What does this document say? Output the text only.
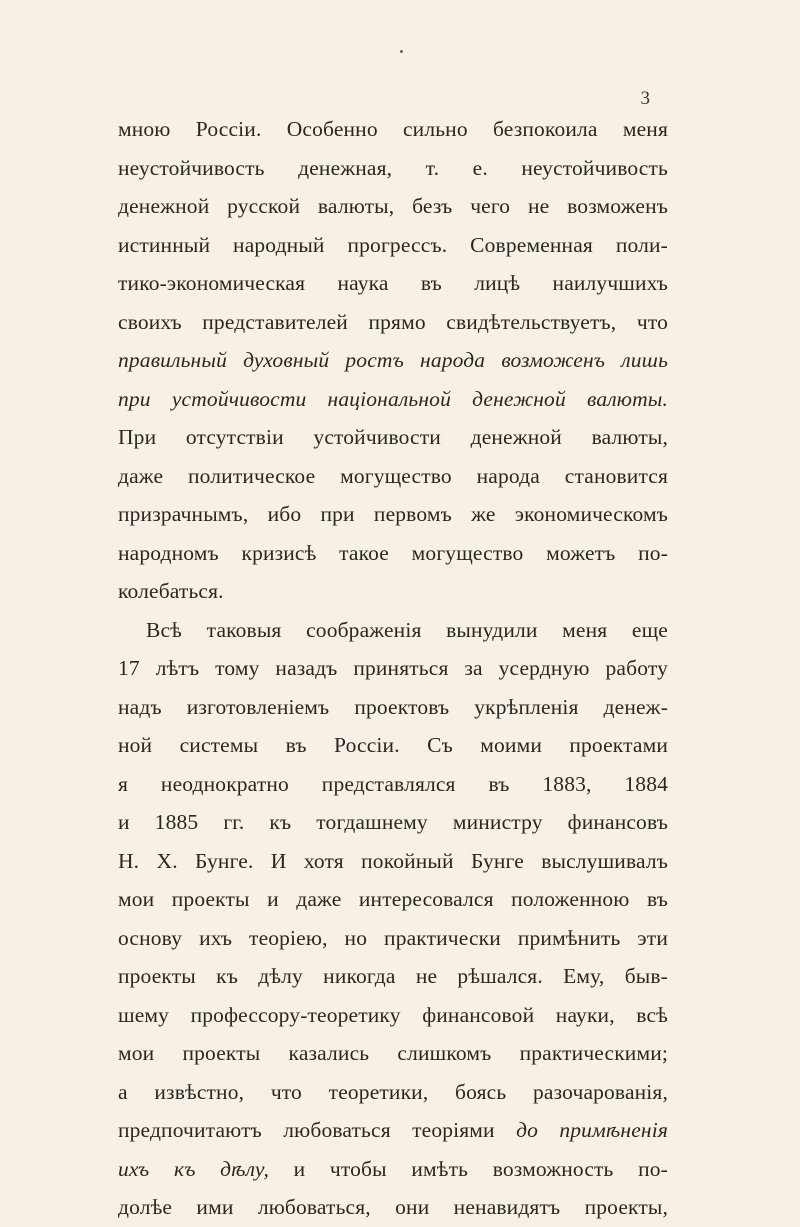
3
мною Россіи. Особенно сильно безпокоила меня
неустойчивость денежная, т. е. неустойчивость
денежной русской валюты, безъ чего не возможенъ
истинный народный прогрессъ. Современная поли-
тико-экономическая наука въ лицѣ наилучшихъ
своихъ представителей прямо свидѣтельствуетъ, что
правильный духовный ростъ народа возможенъ лишь
при устойчивости національной денежной валюты.
При отсутствіи устойчивости денежной валюты,
даже политическое могущество народа становится
призрачнымъ, ибо при первомъ же экономическомъ
народномъ кризисѣ такое могущество можетъ по-
колебаться.
Всѣ таковыя соображенія вынудили меня еще
17 лѣтъ тому назадъ приняться за усердную работу
надъ изготовленіемъ проектовъ укрѣпленія денеж-
ной системы въ Россіи. Съ моими проектами
я неоднократно представлялся въ 1883, 1884
и 1885 гг. къ тогдашнему министру финансовъ
Н. Х. Бунге. И хотя покойный Бунге выслушивалъ
мои проекты и даже интересовался положенною въ
основу ихъ теоріею, но практически примѣнить эти
проекты къ дѣлу никогда не рѣшался. Ему, быв-
шему профессору-теоретику финансовой науки, всѣ
мои проекты казались слишкомъ практическими;
а извѣстно, что теоретики, боясь разочарованія,
предпочитаютъ любоваться теоріями до примѣненія
ихъ къ дѣлу, и чтобы имѣть возможность по-
долѣе ими любоваться, они ненавидятъ проекты,
